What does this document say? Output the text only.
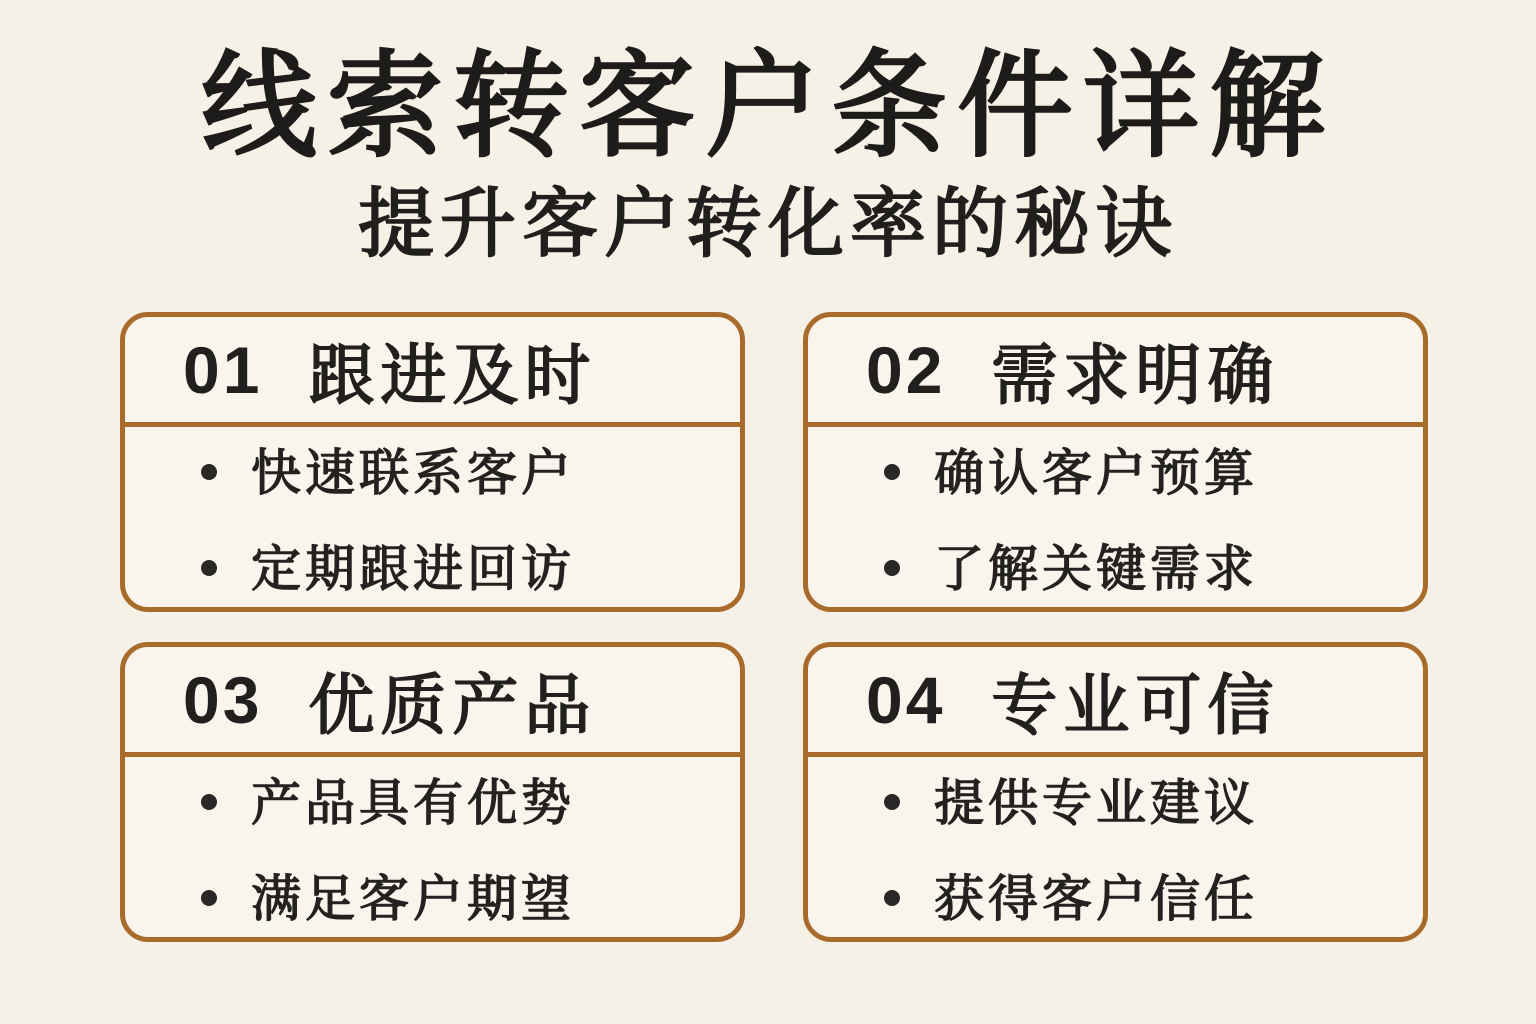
线索转客户条件详解
提升客户转化率的秘诀
01 跟进及时
快速联系客户
定期跟进回访
02 需求明确
确认客户预算
了解关键需求
03 优质产品
产品具有优势
满足客户期望
04 专业可信
提供专业建议
获得客户信任
